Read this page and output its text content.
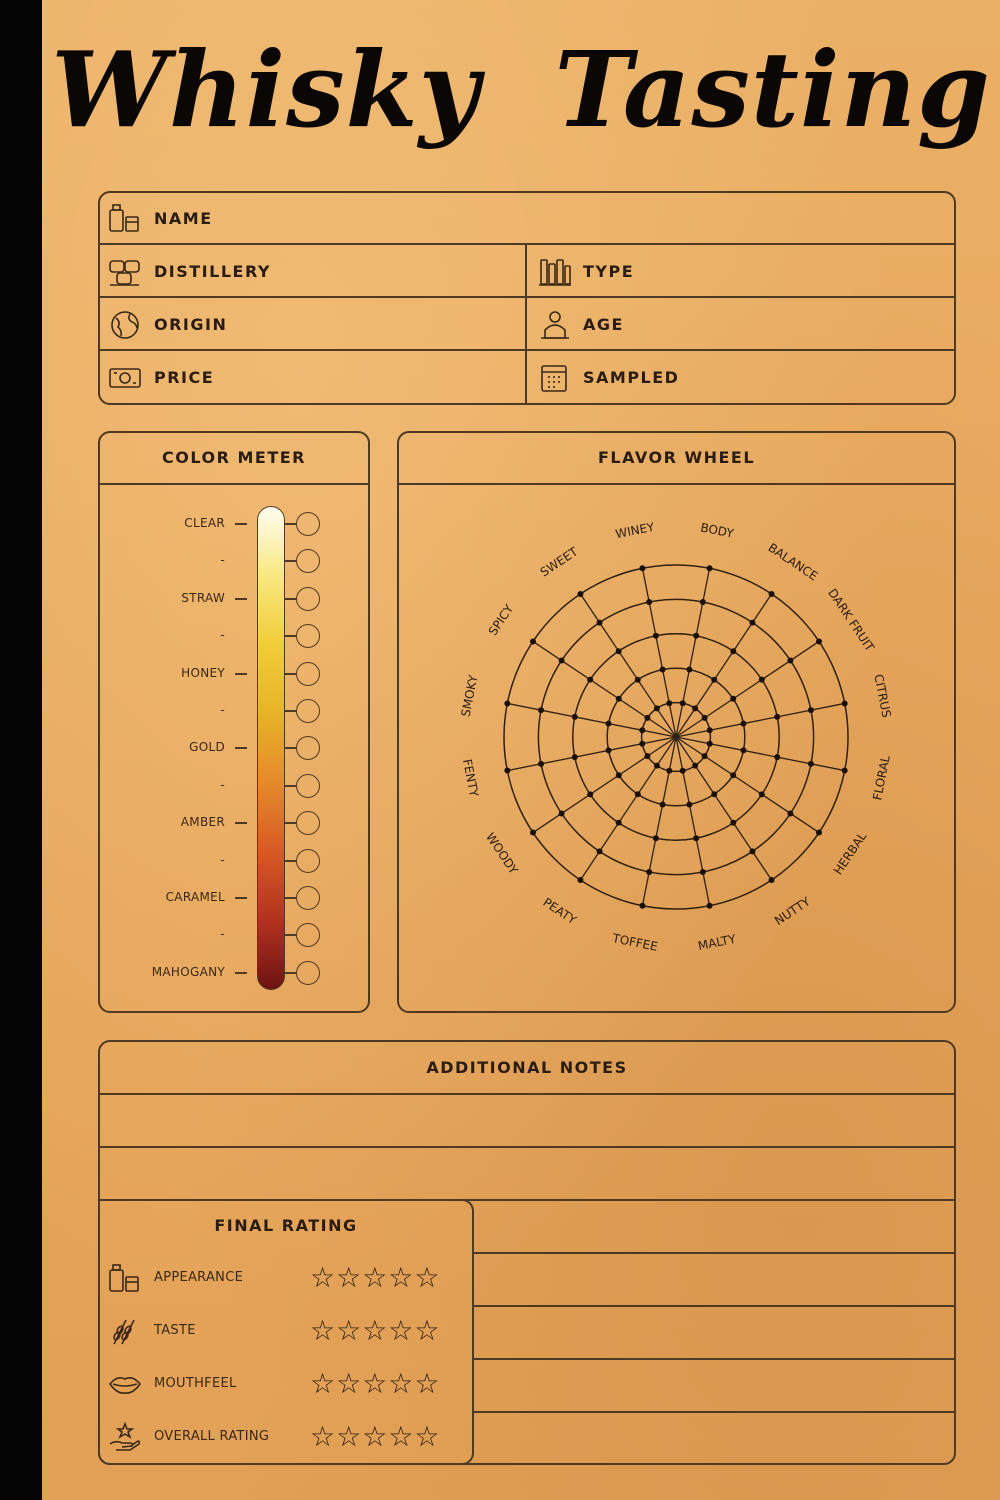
Whisky  Tasting
NAME
DISTILLERY	TYPE
ORIGIN	AGE
PRICE	SAMPLED
COLOR METER
CLEAR
-
STRAW
-
HONEY
-
GOLD
-
AMBER
-
CARAMEL
-
MAHOGANY
FLAVOR WHEEL
BODY
BALANCE
DARK FRUIT
CITRUS
FLORAL
HERBAL
NUTTY
MALTY
TOFFEE
PEATY
WOODY
FENTY
SMOKY
SPICY
SWEET
WINEY
ADDITIONAL NOTES
FINAL RATING
APPEARANCE ☆☆☆☆☆
TASTE	☆☆☆☆☆
MOUTHFEEL	☆☆☆☆☆
OVERALL RATING ☆☆☆☆☆
